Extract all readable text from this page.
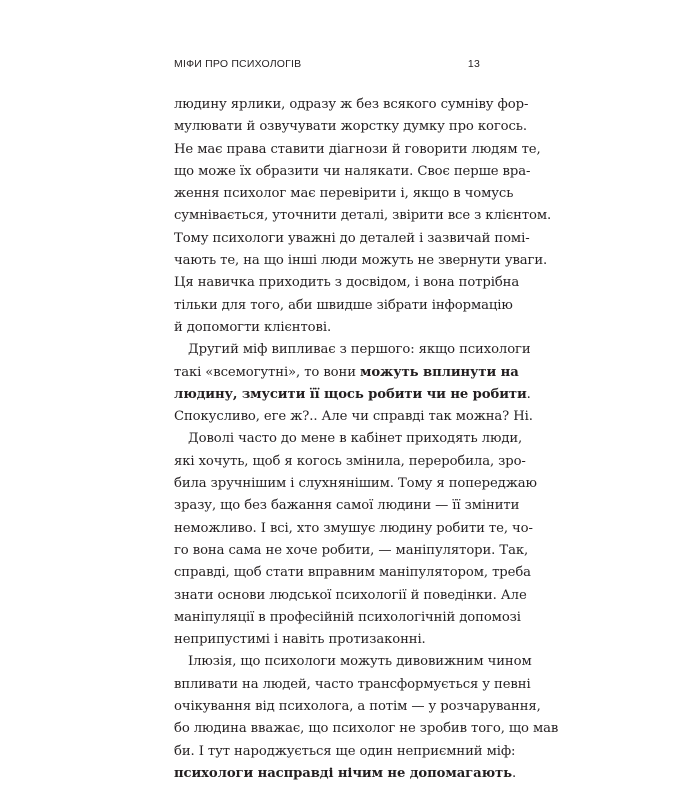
МІФИ ПРО ПСИХОЛОГІВ	13
людину ярлики, одразу ж без всякого сумніву фор-
мулювати й озвучувати жорстку думку про когось.
Не має права ставити діагнози й говорити людям те,
що може їх образити чи налякати. Своє перше вра-
ження психолог має перевірити і, якщо в чомусь
сумнівається, уточнити деталі, звірити все з клієнтом.
Тому психологи уважні до деталей і зазвичай помі-
чають те, на що інші люди можуть не звернути уваги.
Ця навичка приходить з досвідом, і вона потрібна
тільки для того, аби швидше зібрати інформацію
й допомогти клієнтові.
Другий міф випливає з першого: якщо психологи
такі «всемогутні», то вони можуть вплинути на
людину, змусити її щось робити чи не робити.
Спокусливо, еге ж?.. Але чи справді так можна? Ні.
Доволі часто до мене в кабінет приходять люди,
які хочуть, щоб я когось змінила, переробила, зро-
била зручнішим і слухнянішим. Тому я попереджаю
зразу, що без бажання самої людини — її змінити
неможливо. І всі, хто змушує людину робити те, чо-
го вона сама не хоче робити, — маніпулятори. Так,
справді, щоб стати вправним маніпулятором, треба
знати основи людської психології й поведінки. Але
маніпуляції в професійній психологічній допомозі
неприпустимі і навіть протизаконні.
Ілюзія, що психологи можуть дивовижним чином
впливати на людей, часто трансформується у певні
очікування від психолога, а потім — у розчарування,
бо людина вважає, що психолог не зробив того, що мав
би. І тут народжується ще один неприємний міф:
психологи насправді нічим не допомагають.
